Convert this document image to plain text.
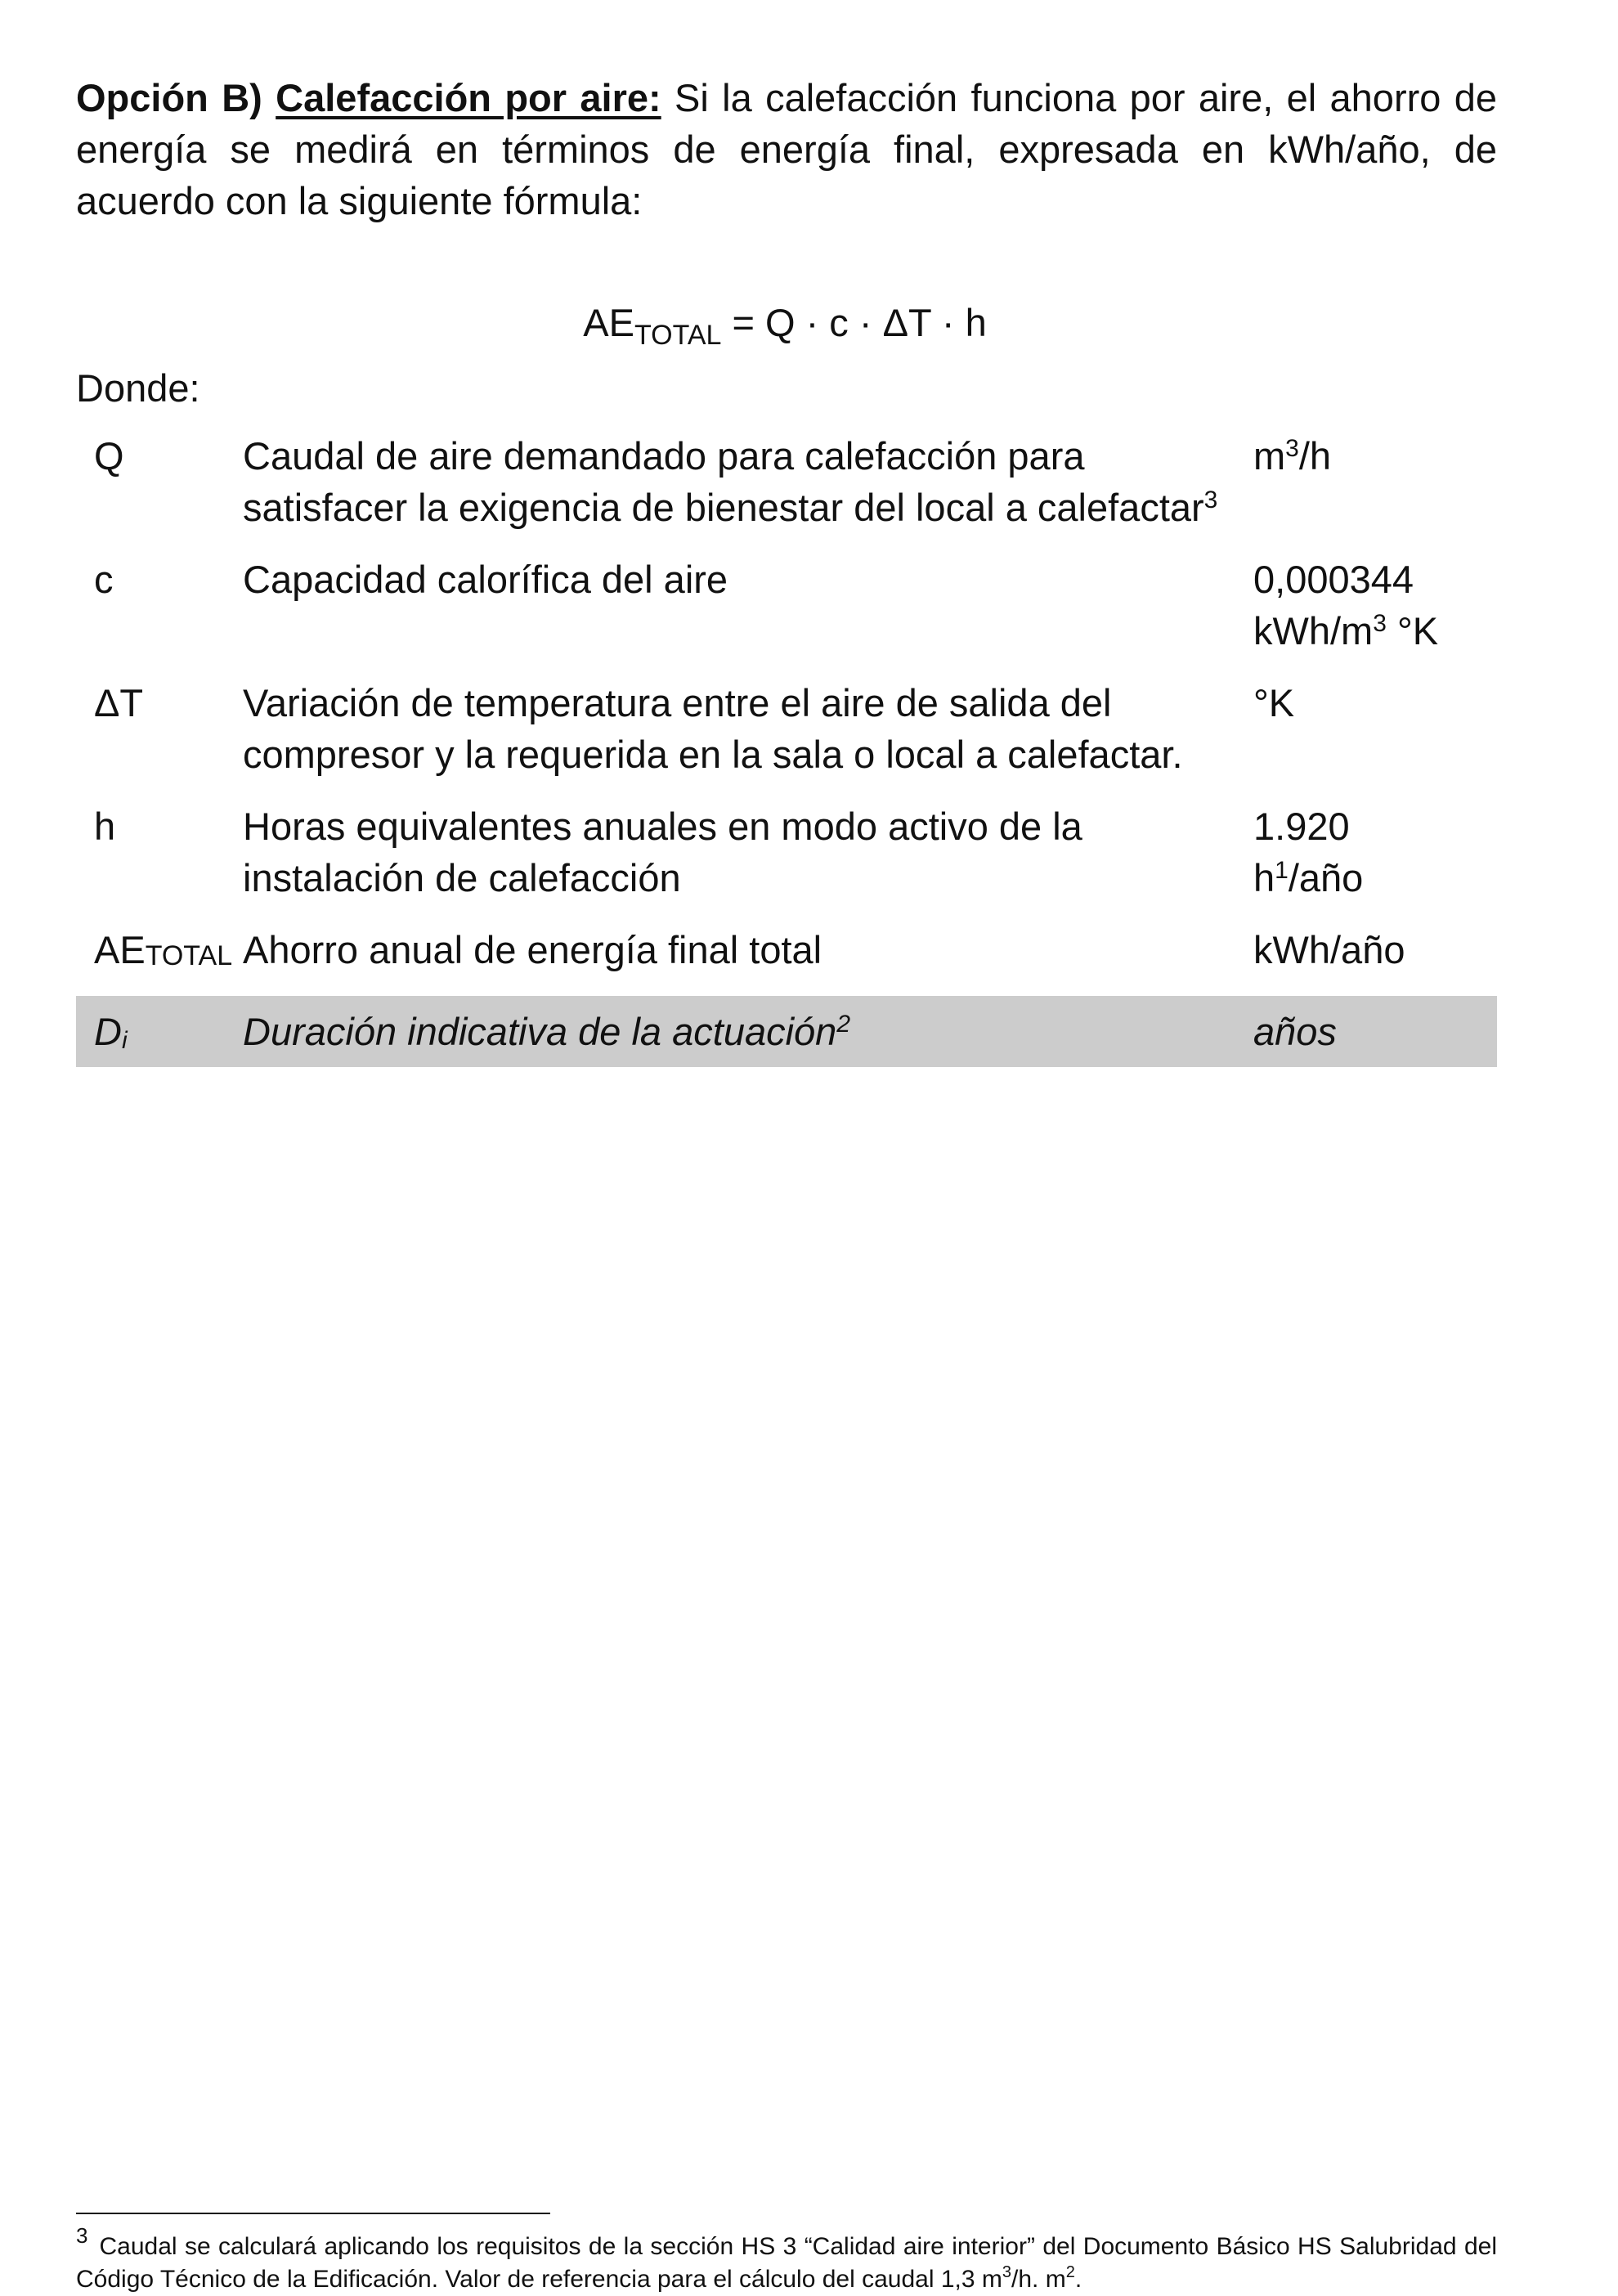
Opción B) Calefacción por aire: Si la calefacción funciona por aire, el ahorro de energía se medirá en términos de energía final, expresada en kWh/año, de acuerdo con la siguiente fórmula:

$AE_{TOTAL} = Q \cdot c \cdot \Delta T \cdot h$
Donde:
Q	Caudal de aire demandado para calefacción para satisfacer la exigencia de bienestar del local a calefactar$^3$	$m^3/h$
c	Capacidad calorífica del aire	0,000344
kWh/$m^3$ °K
ΔT	Variación de temperatura entre el aire de salida del compresor y la requerida en la sala o local a calefactar.	°K
h	Horas equivalentes anuales en modo activo de la instalación de calefacción	1.920
$h^1$/año
$AE_{TOTAL}$	Ahorro anual de energía final total	kWh/año
$D_i$	Duración indicativa de la actuación$^2$	años

3 Caudal se calculará aplicando los requisitos de la sección HS 3 “Calidad aire interior” del Documento Básico HS Salubridad del Código Técnico de la Edificación. Valor de referencia para el cálculo del caudal 1,3 $m^3/h$. $m^2$.
